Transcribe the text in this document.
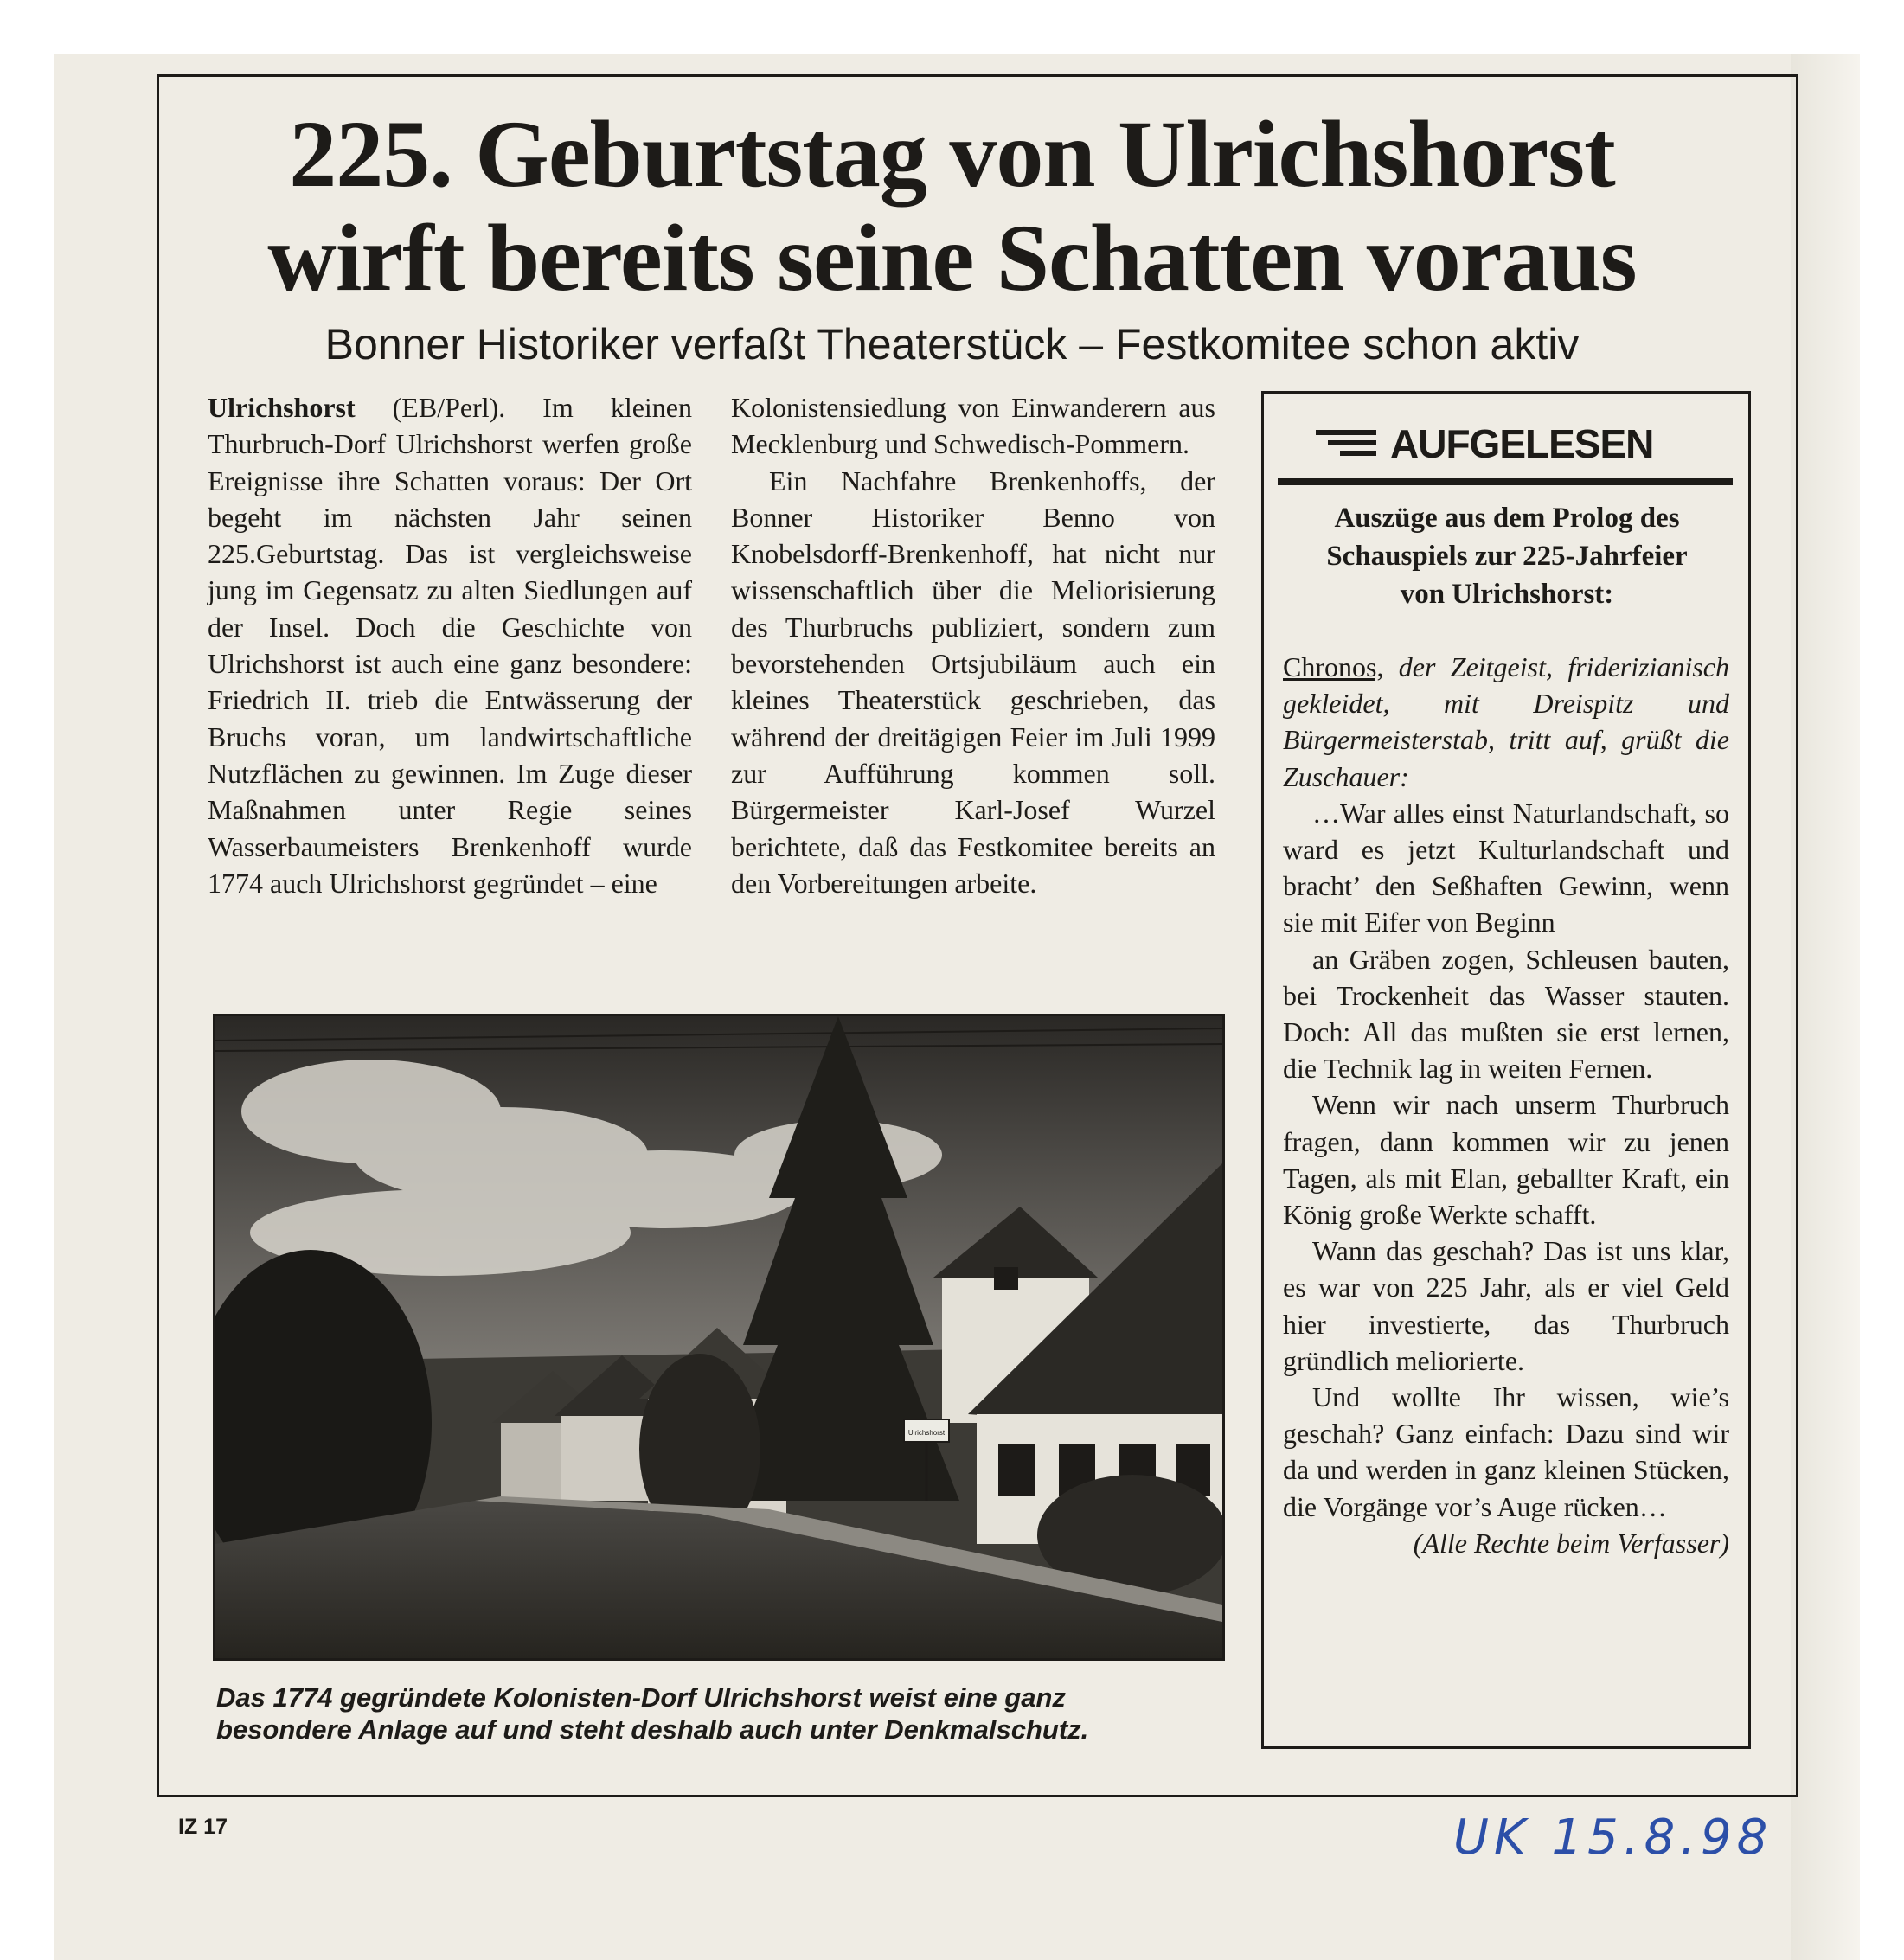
225. Geburtstag von Ulrichshorst
wirft bereits seine Schatten voraus
Bonner Historiker verfaßt Theaterstück – Festkomitee schon aktiv

Ulrichshorst (EB/Perl). Im kleinen Thurbruch-Dorf Ulrichshorst werfen große Ereignisse ihre Schatten voraus: Der Ort begeht im nächsten Jahr seinen 225.Geburtstag. Das ist vergleichsweise jung im Gegensatz zu alten Siedlungen auf der Insel. Doch die Geschichte von Ulrichshorst ist auch eine ganz besondere: Friedrich II. trieb die Entwässerung der Bruchs voran, um landwirtschaftliche Nutzflächen zu gewinnen. Im Zuge dieser Maßnahmen unter Regie seines Wasserbaumeisters Brenkenhoff wurde 1774 auch Ulrichshorst gegründet – eine

Kolonistensiedlung von Einwanderern aus Mecklenburg und Schwedisch-Pommern.

Ein Nachfahre Brenkenhoffs, der Bonner Historiker Benno von Knobelsdorff-Brenkenhoff, hat nicht nur wissenschaftlich über die Meliorisierung des Thurbruchs publiziert, sondern zum bevorstehenden Ortsjubiläum auch ein kleines Theaterstück geschrieben, das während der dreitägigen Feier im Juli 1999 zur Aufführung kommen soll. Bürgermeister Karl-Josef Wurzel berichtete, daß das Festkomitee bereits an den Vorbereitungen arbeite.

Ulrichshorst

Das 1774 gegründete Kolonisten-Dorf Ulrichshorst weist eine ganz
besondere Anlage auf und steht deshalb auch unter Denkmalschutz.

AUFGELESEN

Auszüge aus dem Prolog des
Schauspiels zur 225-Jahrfeier
von Ulrichshorst:

Chronos, der Zeitgeist, friderizianisch gekleidet, mit Dreispitz und Bürgermeisterstab, tritt auf, grüßt die Zuschauer:

…War alles einst Naturlandschaft, so ward es jetzt Kulturlandschaft und bracht’ den Seßhaften Gewinn, wenn sie mit Eifer von Beginn

an Gräben zogen, Schleusen bauten, bei Trockenheit das Wasser stauten. Doch: All das mußten sie erst lernen, die Technik lag in weiten Fernen.

Wenn wir nach unserm Thurbruch fragen, dann kommen wir zu jenen Tagen, als mit Elan, geballter Kraft, ein König große Werkte schafft.

Wann das geschah? Das ist uns klar, es war von 225 Jahr, als er viel Geld hier investierte, das Thurbruch gründlich meliorierte.

Und wollte Ihr wissen, wie’s geschah? Ganz einfach: Dazu sind wir da und werden in ganz kleinen Stücken, die Vorgänge vor’s Auge rücken…

(Alle Rechte beim Verfasser)

IZ 17	UK 15.8.98
